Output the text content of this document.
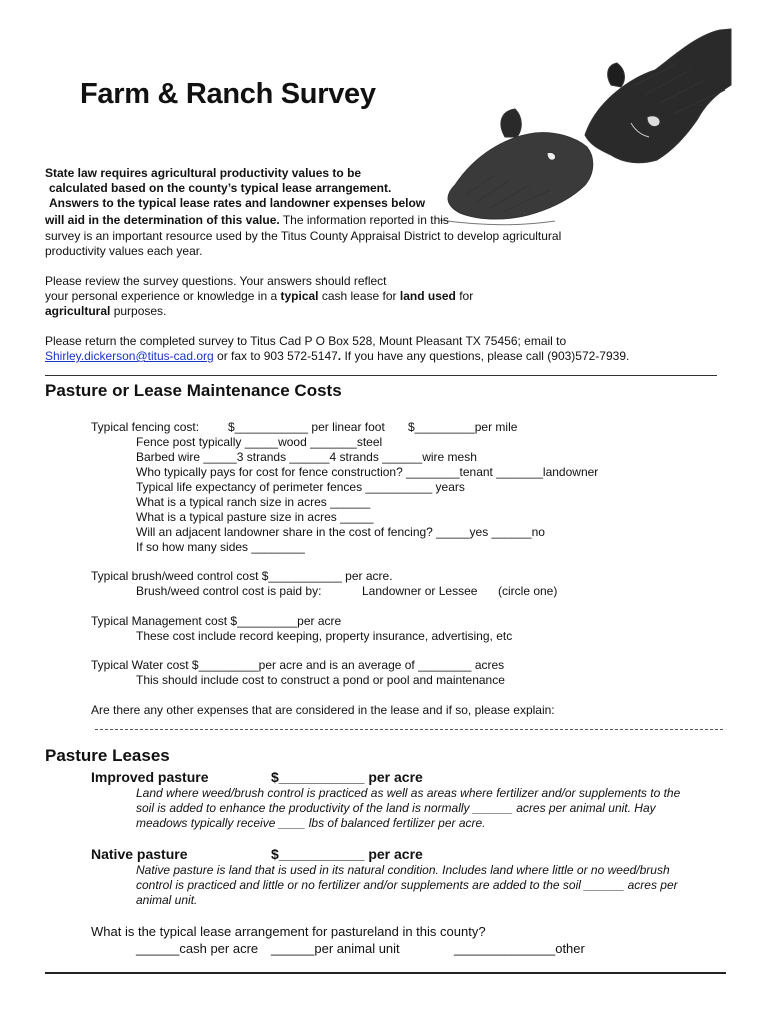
Farm & Ranch Survey
State law requires agricultural productivity values to be
calculated based on the county’s typical lease arrangement.
Answers to the typical lease rates and landowner expenses below
will aid in the determination of this value. The information reported in this
survey is an important resource used by the Titus County Appraisal District to develop agricultural
productivity values each year.
Please review the survey questions. Your answers should reflect
your personal experience or knowledge in a typical cash lease for land used for
agricultural purposes.
Please return the completed survey to Titus Cad P O Box 528, Mount Pleasant TX 75456; email to
Shirley.dickerson@titus-cad.org or fax to 903 572-5147. If you have any questions, please call (903)572-7939.
Pasture or Lease Maintenance Costs
Typical fencing cost: $___________ per linear foot $_________per mile
Fence post typically _____wood _______steel
Barbed wire _____3 strands ______4 strands ______wire mesh
Who typically pays for cost for fence construction? ________tenant _______landowner
Typical life expectancy of perimeter fences __________ years
What is a typical ranch size in acres ______
What is a typical pasture size in acres _____
Will an adjacent landowner share in the cost of fencing? _____yes ______no
If so how many sides ________
Typical brush/weed control cost $___________ per acre.
Brush/weed control cost is paid by:	Landowner or Lessee (circle one)
Typical Management cost $_________per acre
These cost include record keeping, property insurance, advertising, etc
Typical Water cost $_________per acre and is an average of ________ acres
This should include cost to construct a pond or pool and maintenance
Are there any other expenses that are considered in the lease and if so, please explain:
Pasture Leases
Improved pasture	$___________ per acre
Land where weed/brush control is practiced as well as areas where fertilizer and/or supplements to the
soil is added to enhance the productivity of the land is normally ______ acres per animal unit. Hay
meadows typically receive ____ lbs of balanced fertilizer per acre.
Native pasture	$___________ per acre
Native pasture is land that is used in its natural condition. Includes land where little or no weed/brush
control is practiced and little or no fertilizer and/or supplements are added to the soil ______ acres per
animal unit.
What is the typical lease arrangement for pastureland in this county?
______cash per acre ______per animal unit	______________other
